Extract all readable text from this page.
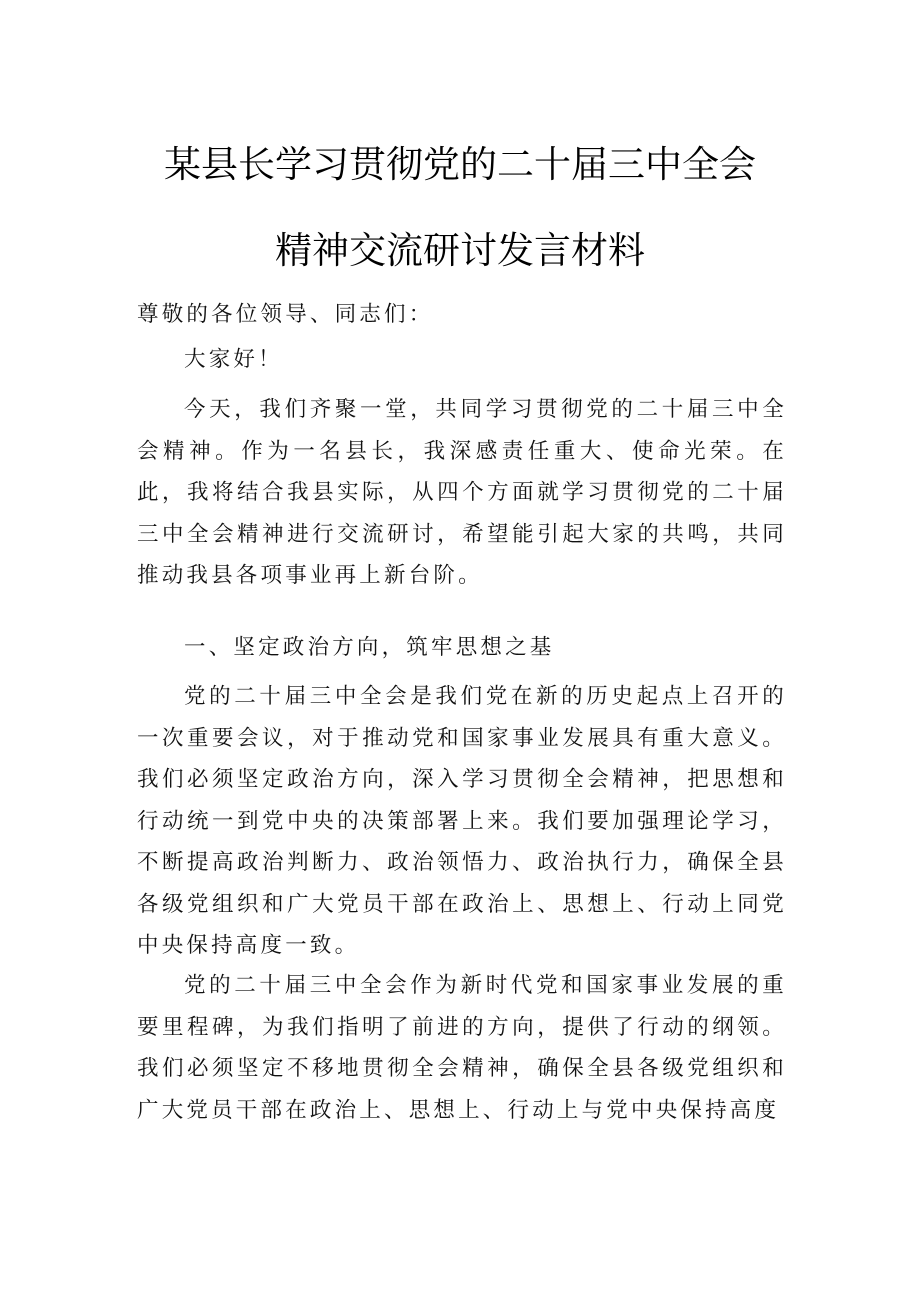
某县长学习贯彻党的二十届三中全会
精神交流研讨发言材料

尊敬的各位领导、同志们：

大家好！

今天，我们齐聚一堂，共同学习贯彻党的二十届三中全会精神。作为一名县长，我深感责任重大、使命光荣。在此，我将结合我县实际，从四个方面就学习贯彻党的二十届三中全会精神进行交流研讨，希望能引起大家的共鸣，共同推动我县各项事业再上新台阶。

一、坚定政治方向，筑牢思想之基

党的二十届三中全会是我们党在新的历史起点上召开的一次重要会议，对于推动党和国家事业发展具有重大意义。我们必须坚定政治方向，深入学习贯彻全会精神，把思想和行动统一到党中央的决策部署上来。我们要加强理论学习，不断提高政治判断力、政治领悟力、政治执行力，确保全县各级党组织和广大党员干部在政治上、思想上、行动上同党中央保持高度一致。

党的二十届三中全会作为新时代党和国家事业发展的重要里程碑，为我们指明了前进的方向，提供了行动的纲领。我们必须坚定不移地贯彻全会精神，确保全县各级党组织和广大党员干部在政治上、思想上、行动上与党中央保持高度
